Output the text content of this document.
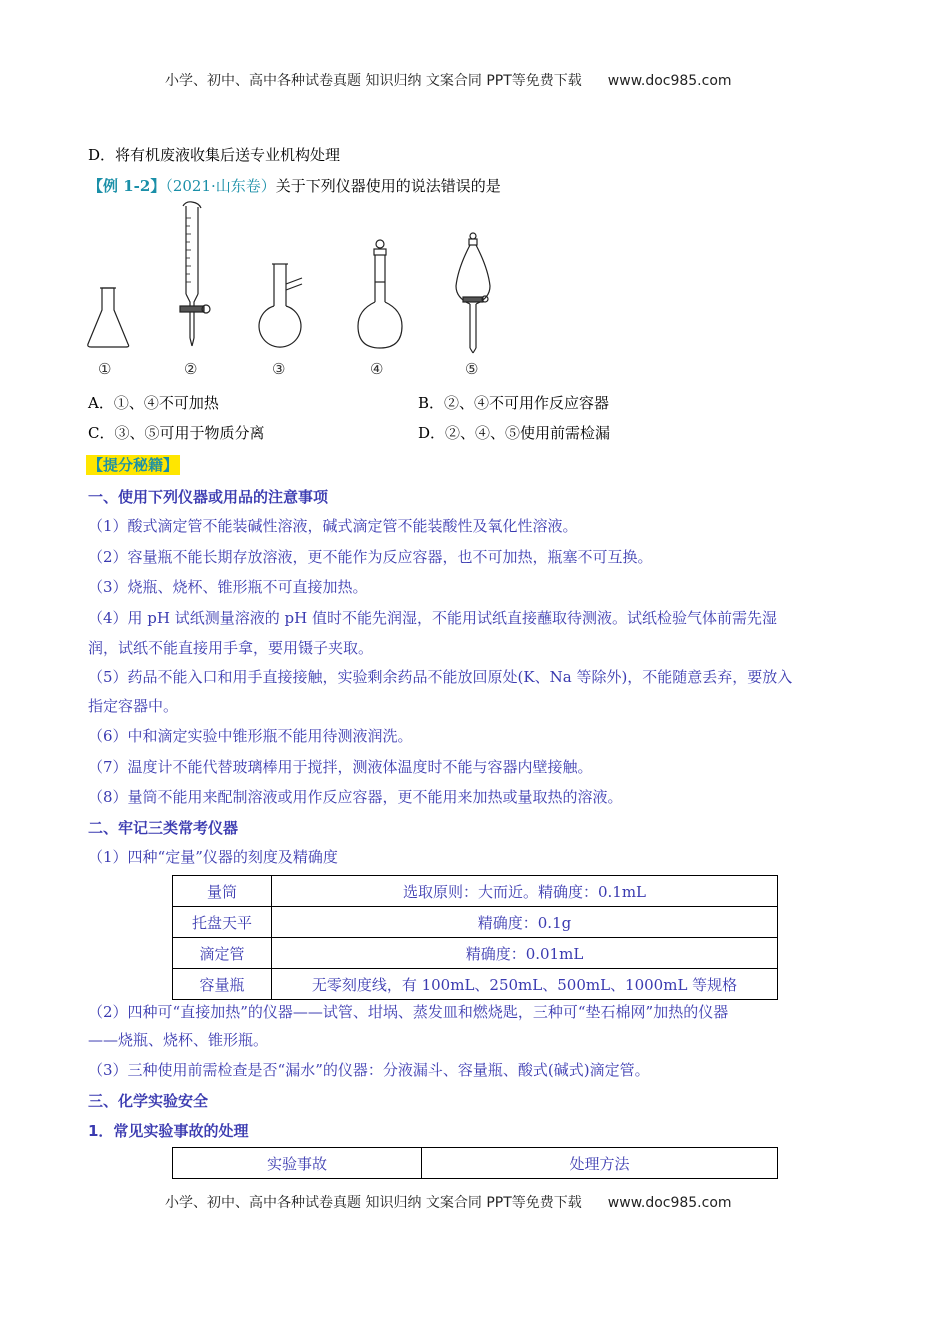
小学、初中、高中各种试卷真题 知识归纳 文案合同 PPT等免费下载 www.doc985.com
D．将有机废液收集后送专业机构处理
【例 1-2】（2021·山东卷）关于下列仪器使用的说法错误的是
①	②	③	④	⑤
A．①、④不可加热	B．②、④不可用作反应容器
C．③、⑤可用于物质分离	D．②、④、⑤使用前需检漏
【提分秘籍】
一、使用下列仪器或用品的注意事项
（1）酸式滴定管不能装碱性溶液，碱式滴定管不能装酸性及氧化性溶液。
（2）容量瓶不能长期存放溶液，更不能作为反应容器，也不可加热，瓶塞不可互换。
（3）烧瓶、烧杯、锥形瓶不可直接加热。
（4）用 pH 试纸测量溶液的 pH 值时不能先润湿，不能用试纸直接蘸取待测液。试纸检验气体前需先湿
润，试纸不能直接用手拿，要用镊子夹取。
（5）药品不能入口和用手直接接触，实验剩余药品不能放回原处(K、Na 等除外)，不能随意丢弃，要放入
指定容器中。
（6）中和滴定实验中锥形瓶不能用待测液润洗。
（7）温度计不能代替玻璃棒用于搅拌，测液体温度时不能与容器内壁接触。
（8）量筒不能用来配制溶液或用作反应容器，更不能用来加热或量取热的溶液。
二、牢记三类常考仪器
（1）四种“定量”仪器的刻度及精确度
量筒	选取原则：大而近。精确度：0.1mL
托盘天平	精确度：0.1g
滴定管	精确度：0.01mL
容量瓶	无零刻度线，有 100mL、250mL、500mL、1000mL 等规格
（2）四种可“直接加热”的仪器——试管、坩埚、蒸发皿和燃烧匙，三种可“垫石棉网”加热的仪器
——烧瓶、烧杯、锥形瓶。
（3）三种使用前需检查是否“漏水”的仪器：分液漏斗、容量瓶、酸式(碱式)滴定管。
三、化学实验安全
1．常见实验事故的处理
实验事故	处理方法
小学、初中、高中各种试卷真题 知识归纳 文案合同 PPT等免费下载 www.doc985.com
